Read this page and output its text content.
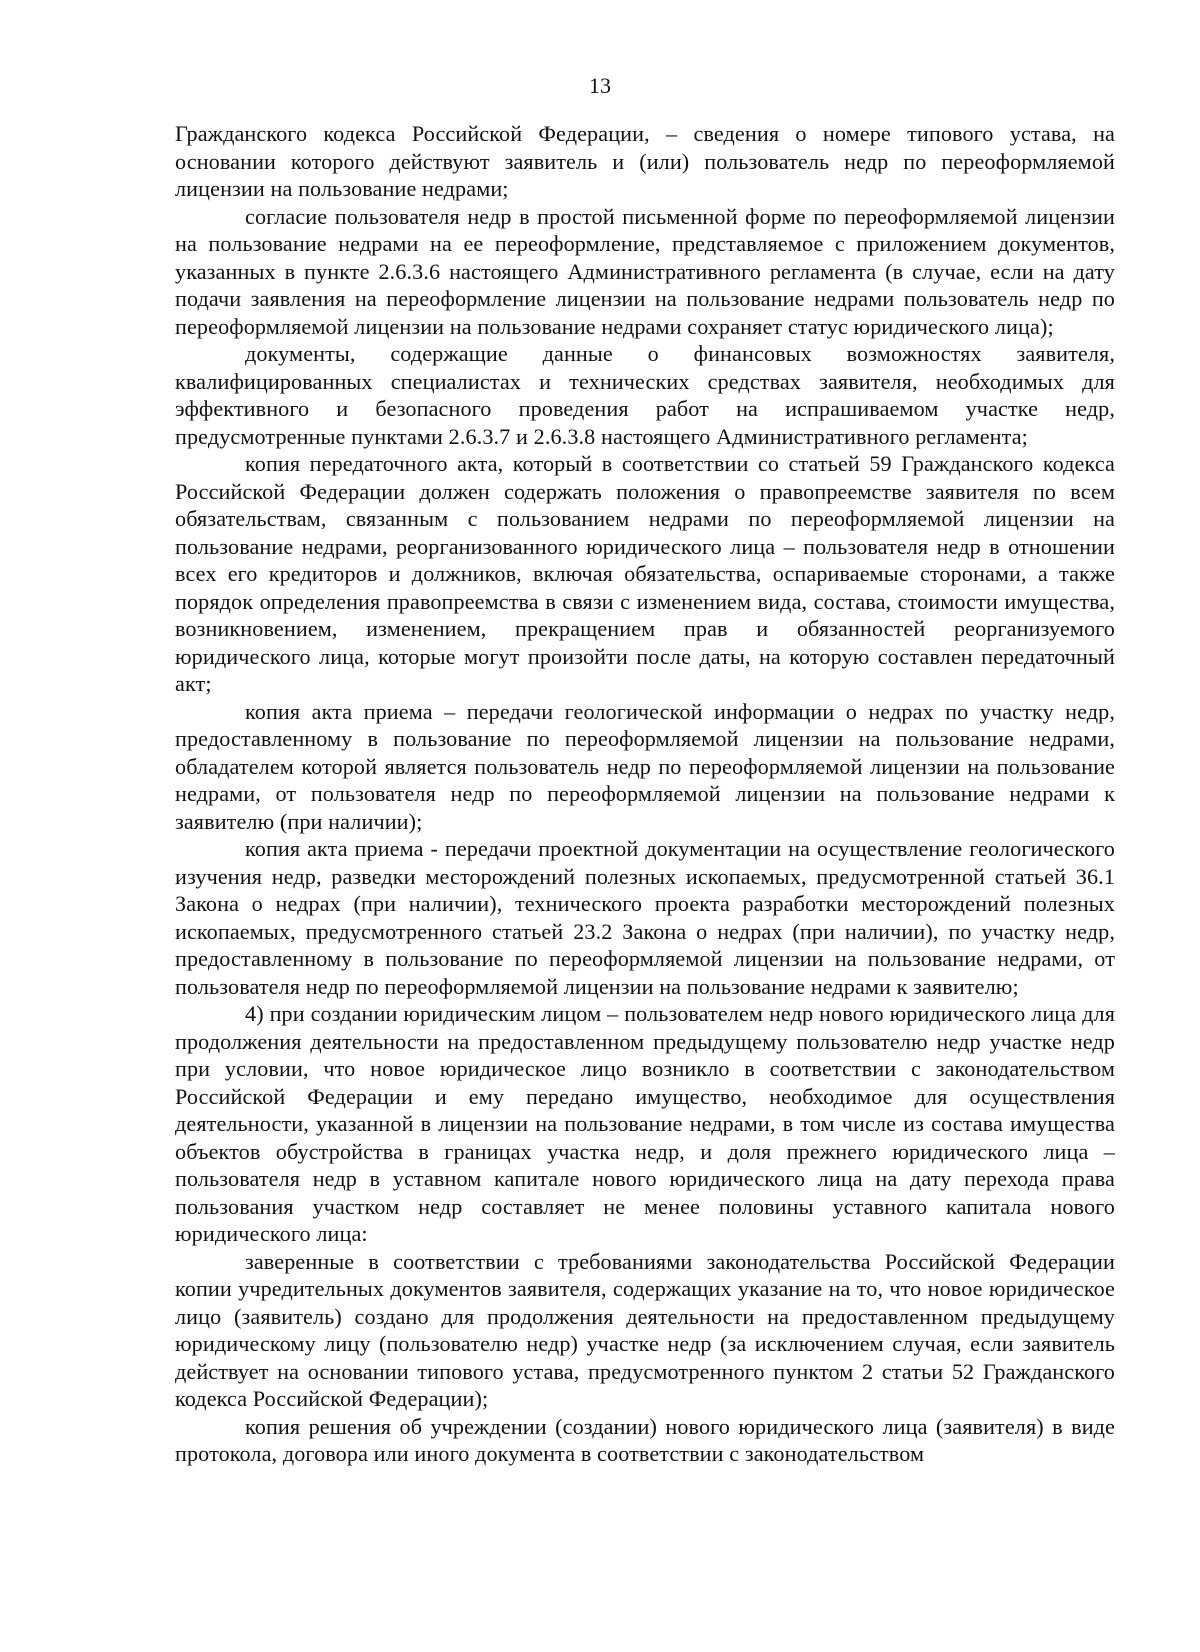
13

Гражданского кодекса Российской Федерации, – сведения о номере типового устава, на основании которого действуют заявитель и (или) пользователь недр по переоформляемой лицензии на пользование недрами;

согласие пользователя недр в простой письменной форме по переоформляемой лицензии на пользование недрами на ее переоформление, представляемое с приложением документов, указанных в пункте 2.6.3.6 настоящего Административного регламента (в случае, если на дату подачи заявления на переоформление лицензии на пользование недрами пользователь недр по переоформляемой лицензии на пользование недрами сохраняет статус юридического лица);

документы, содержащие данные о финансовых возможностях заявителя, квалифицированных специалистах и технических средствах заявителя, необходимых для эффективного и безопасного проведения работ на испрашиваемом участке недр, предусмотренные пунктами 2.6.3.7 и 2.6.3.8 настоящего Административного регламента;

копия передаточного акта, который в соответствии со статьей 59 Гражданского кодекса Российской Федерации должен содержать положения о правопреемстве заявителя по всем обязательствам, связанным с пользованием недрами по переоформляемой лицензии на пользование недрами, реорганизованного юридического лица – пользователя недр в отношении всех его кредиторов и должников, включая обязательства, оспариваемые сторонами, а также порядок определения правопреемства в связи с изменением вида, состава, стоимости имущества, возникновением, изменением, прекращением прав и обязанностей реорганизуемого юридического лица, которые могут произойти после даты, на которую составлен передаточный акт;

копия акта приема – передачи геологической информации о недрах по участку недр, предоставленному в пользование по переоформляемой лицензии на пользование недрами, обладателем которой является пользователь недр по переоформляемой лицензии на пользование недрами, от пользователя недр по переоформляемой лицензии на пользование недрами к заявителю (при наличии);

копия акта приема - передачи проектной документации на осуществление геологического изучения недр, разведки месторождений полезных ископаемых, предусмотренной статьей 36.1 Закона о недрах (при наличии), технического проекта разработки месторождений полезных ископаемых, предусмотренного статьей 23.2 Закона о недрах (при наличии), по участку недр, предоставленному в пользование по переоформляемой лицензии на пользование недрами, от пользователя недр по переоформляемой лицензии на пользование недрами к заявителю;

4) при создании юридическим лицом – пользователем недр нового юридического лица для продолжения деятельности на предоставленном предыдущему пользователю недр участке недр при условии, что новое юридическое лицо возникло в соответствии с законодательством Российской Федерации и ему передано имущество, необходимое для осуществления деятельности, указанной в лицензии на пользование недрами, в том числе из состава имущества объектов обустройства в границах участка недр, и доля прежнего юридического лица – пользователя недр в уставном капитале нового юридического лица на дату перехода права пользования участком недр составляет не менее половины уставного капитала нового юридического лица:

заверенные в соответствии с требованиями законодательства Российской Федерации копии учредительных документов заявителя, содержащих указание на то, что новое юридическое лицо (заявитель) создано для продолжения деятельности на предоставленном предыдущему юридическому лицу (пользователю недр) участке недр (за исключением случая, если заявитель действует на основании типового устава, предусмотренного пунктом 2 статьи 52 Гражданского кодекса Российской Федерации);

копия решения об учреждении (создании) нового юридического лица (заявителя) в виде протокола, договора или иного документа в соответствии с законодательством
